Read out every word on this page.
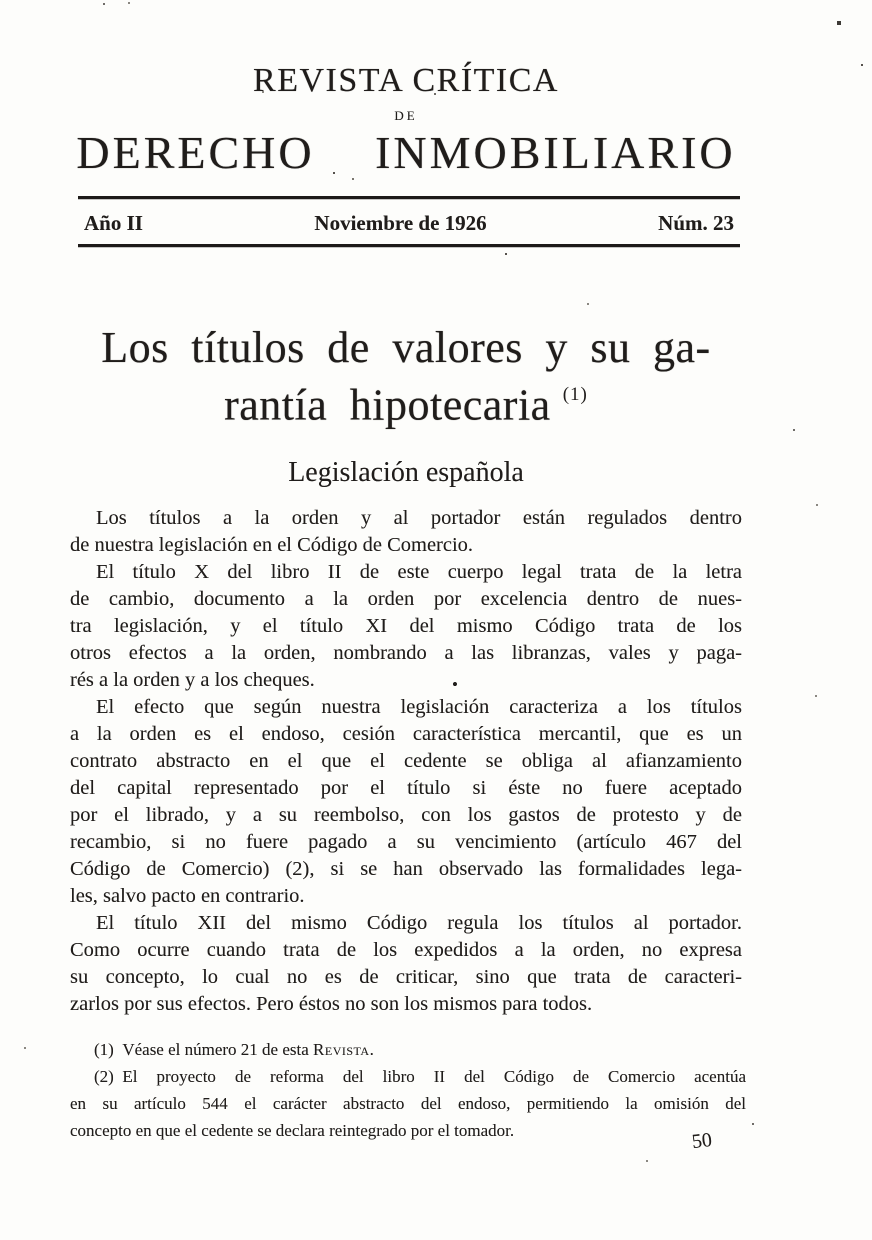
REVISTA CRÍTICA
DE
DERECHO INMOBILIARIO
Año II	Noviembre de 1926	Núm. 23
Los títulos de valores y su ga-
rantía hipotecaria $^{(1)}$
Legislación española
Los títulos a la orden y al portador están regulados dentro
de nuestra legislación en el Código de Comercio.
El título X del libro II de este cuerpo legal trata de la letra
de cambio, documento a la orden por excelencia dentro de nues-
tra legislación, y el título XI del mismo Código trata de los
otros efectos a la orden, nombrando a las libranzas, vales y paga-
rés a la orden y a los cheques.
El efecto que según nuestra legislación caracteriza a los títulos
a la orden es el endoso, cesión característica mercantil, que es un
contrato abstracto en el que el cedente se obliga al afianzamiento
del capital representado por el título si éste no fuere aceptado
por el librado, y a su reembolso, con los gastos de protesto y de
recambio, si no fuere pagado a su vencimiento (artículo 467 del
Código de Comercio) (2), si se han observado las formalidades lega-
les, salvo pacto en contrario.
El título XII del mismo Código regula los títulos al portador.
Como ocurre cuando trata de los expedidos a la orden, no expresa
su concepto, lo cual no es de criticar, sino que trata de caracteri-
zarlos por sus efectos. Pero éstos no son los mismos para todos.
•
(1) Véase el número 21 de esta Revista.
(2) El proyecto de reforma del libro II del Código de Comercio acentúa
en su artículo 544 el carácter abstracto del endoso, permitiendo la omisión del
concepto en que el cedente se declara reintegrado por el tomador.	50
